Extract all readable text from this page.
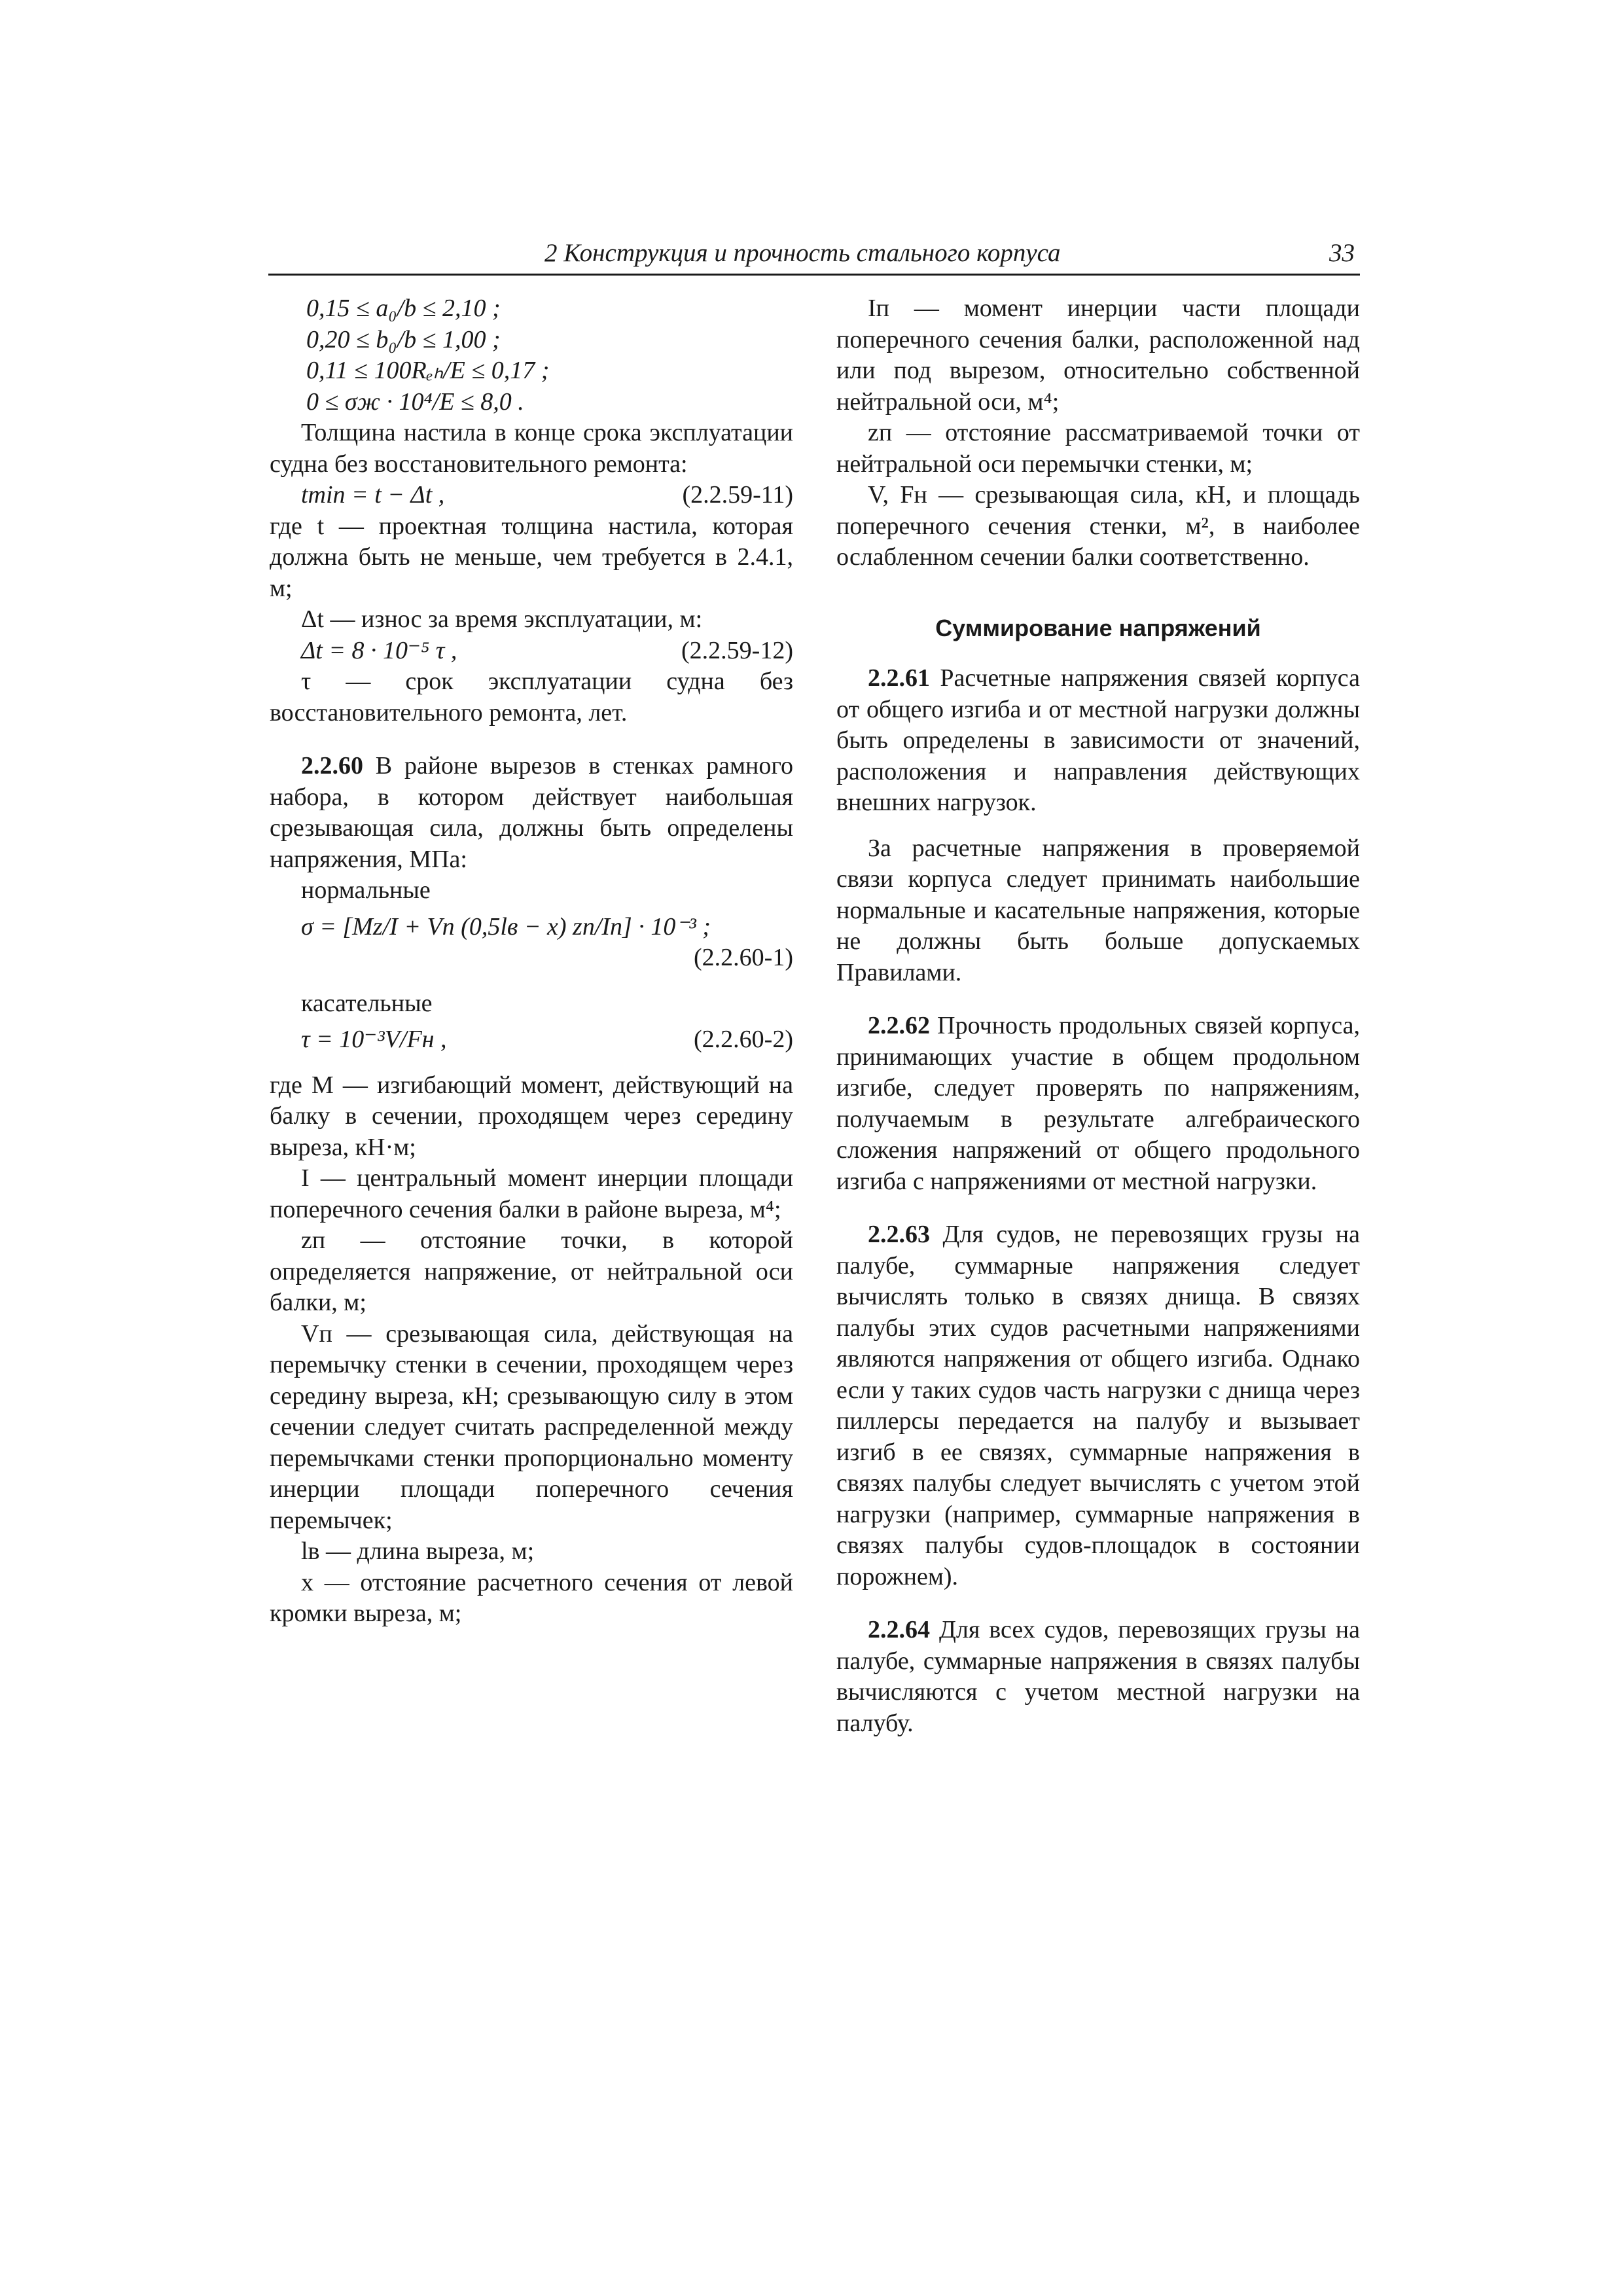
2 Конструкция и прочность стального корпуса	33
0,15 ≤ a₀/b ≤ 2,10 ;
0,20 ≤ b₀/b ≤ 1,00 ;
0,11 ≤ 100Rₑₕ/E ≤ 0,17 ;
0 ≤ σж · 10⁴/E ≤ 8,0 .

Толщина настила в конце срока эксплуатации судна без восстановительного ремонта:

tmin = t − Δt ,	(2.2.59-11)

где t — проектная толщина настила, которая должна быть не меньше, чем требуется в 2.4.1, м;

Δt — износ за время эксплуатации, м:

Δt = 8 · 10⁻⁵ τ ,	(2.2.59-12)

τ — срок эксплуатации судна без восстановительного ремонта, лет.

2.2.60 В районе вырезов в стенках рамного набора, в котором действует наибольшая срезывающая сила, должны быть определены напряжения, МПа:

нормальные

σ = [Mz/I + Vп (0,5lв − x) zп/Iп] · 10⁻³ ;
(2.2.60-1)

касательные

τ = 10⁻³V/Fн ,	(2.2.60-2)

где M — изгибающий момент, действующий на балку в сечении, проходящем через середину выреза, кН·м;

I — центральный момент инерции площади поперечного сечения балки в районе выреза, м⁴;

zп — отстояние точки, в которой определяется напряжение, от нейтральной оси балки, м;

Vп — срезывающая сила, действующая на перемычку стенки в сечении, проходящем через середину выреза, кН; срезывающую силу в этом сечении следует считать распределенной между перемычками стенки пропорционально моменту инерции площади поперечного сечения перемычек;

lв — длина выреза, м;

x — отстояние расчетного сечения от левой кромки выреза, м;

Iп — момент инерции части площади поперечного сечения балки, расположенной над или под вырезом, относительно собственной нейтральной оси, м⁴;

zп — отстояние рассматриваемой точки от нейтральной оси перемычки стенки, м;

V, Fн — срезывающая сила, кН, и площадь поперечного сечения стенки, м², в наиболее ослабленном сечении балки соответственно.

Суммирование напряжений

2.2.61 Расчетные напряжения связей корпуса от общего изгиба и от местной нагрузки должны быть определены в зависимости от значений, расположения и направления действующих внешних нагрузок.

За расчетные напряжения в проверяемой связи корпуса следует принимать наибольшие нормальные и касательные напряжения, которые не должны быть больше допускаемых Правилами.

2.2.62 Прочность продольных связей корпуса, принимающих участие в общем продольном изгибе, следует проверять по напряжениям, получаемым в результате алгебраического сложения напряжений от общего продольного изгиба с напряжениями от местной нагрузки.

2.2.63 Для судов, не перевозящих грузы на палубе, суммарные напряжения следует вычислять только в связях днища. В связях палубы этих судов расчетными напряжениями являются напряжения от общего изгиба. Однако если у таких судов часть нагрузки с днища через пиллерсы передается на палубу и вызывает изгиб в ее связях, суммарные напряжения в связях палубы следует вычислять с учетом этой нагрузки (например, суммарные напряжения в связях палубы судов-площадок в состоянии порожнем).

2.2.64 Для всех судов, перевозящих грузы на палубе, суммарные напряжения в связях палубы вычисляются с учетом местной нагрузки на палубу.
